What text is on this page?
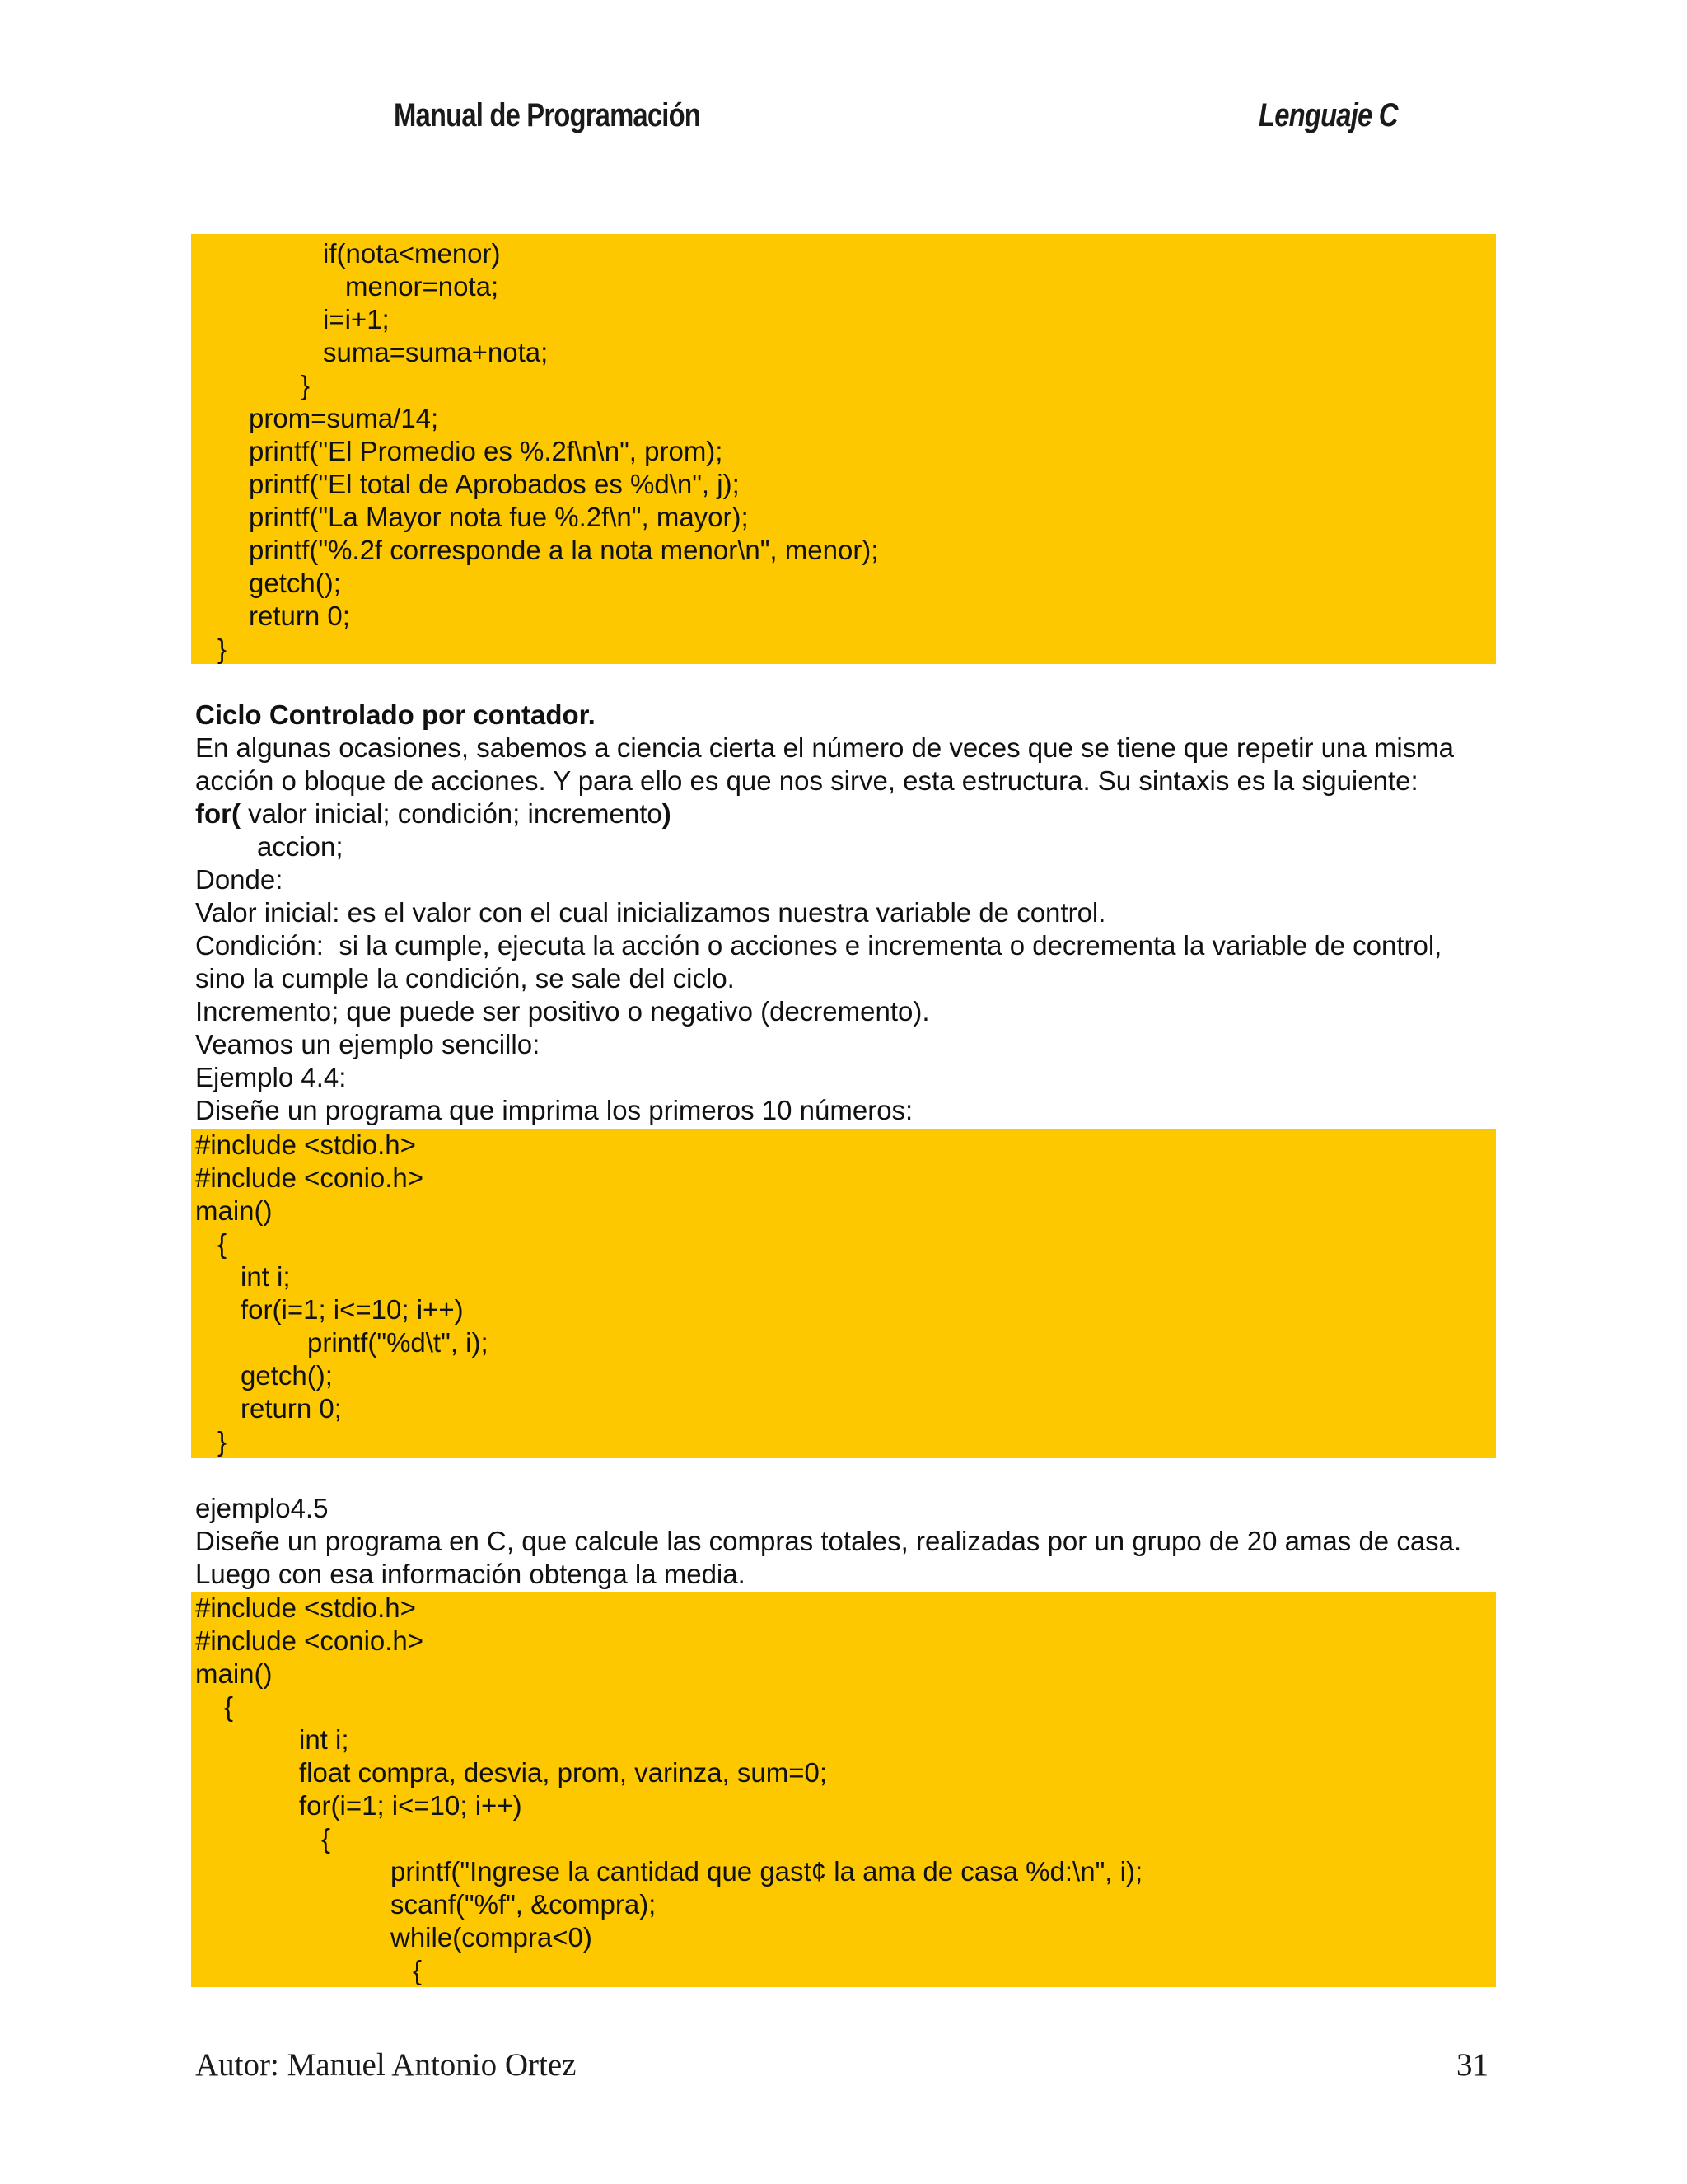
Manual de Programación	Lenguaje C
if(nota<menor)
menor=nota;
i=i+1;
suma=suma+nota;
}
prom=suma/14;
printf("El Promedio es %.2f\n\n", prom);
printf("El total de Aprobados es %d\n", j);
printf("La Mayor nota fue %.2f\n", mayor);
printf("%.2f corresponde a la nota menor\n", menor);
getch();
return 0;
}
Ciclo Controlado por contador.
En algunas ocasiones, sabemos a ciencia cierta el número de veces que se tiene que repetir una misma
acción o bloque de acciones. Y para ello es que nos sirve, esta estructura. Su sintaxis es la siguiente:
for( valor inicial; condición; incremento)
accion;
Donde:
Valor inicial: es el valor con el cual inicializamos nuestra variable de control.
Condición:  si la cumple, ejecuta la acción o acciones e incrementa o decrementa la variable de control,
sino la cumple la condición, se sale del ciclo.
Incremento; que puede ser positivo o negativo (decremento).
Veamos un ejemplo sencillo:
Ejemplo 4.4:
Diseñe un programa que imprima los primeros 10 números:
#include <stdio.h>
#include <conio.h>
main()
{
int i;
for(i=1; i<=10; i++)
printf("%d\t", i);
getch();
return 0;
}
ejemplo4.5
Diseñe un programa en C, que calcule las compras totales, realizadas por un grupo de 20 amas de casa.
Luego con esa información obtenga la media.
#include <stdio.h>
#include <conio.h>
main()
{
int i;
float compra, desvia, prom, varinza, sum=0;
for(i=1; i<=10; i++)
{
printf("Ingrese la cantidad que gast¢ la ama de casa %d:\n", i);
scanf("%f", &compra);
while(compra<0)
{
Autor: Manuel Antonio Ortez	31
